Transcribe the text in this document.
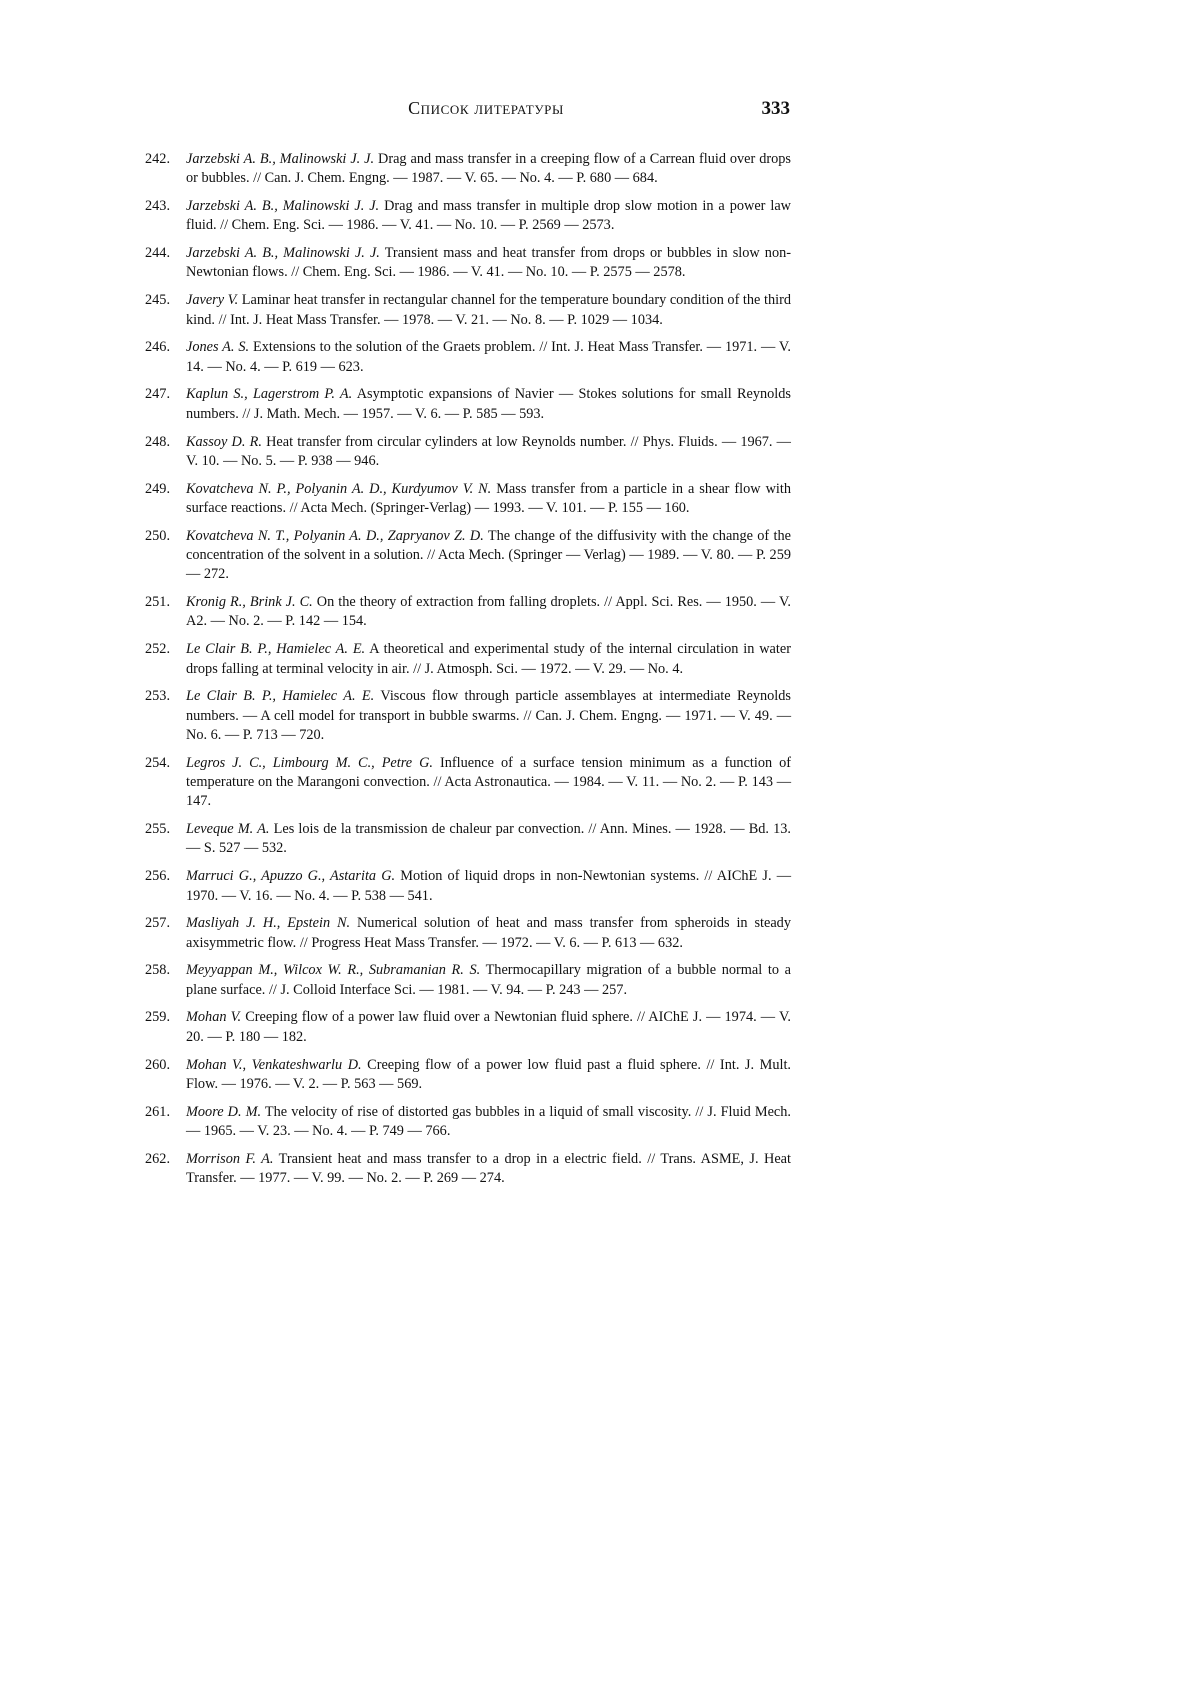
Список литературы	333
242. Jarzebski A. B., Malinowski J. J. Drag and mass transfer in a creeping flow of a Carrean fluid over drops or bubbles. // Can. J. Chem. Engng. — 1987. — V. 65. — No. 4. — P. 680 — 684.
243. Jarzebski A. B., Malinowski J. J. Drag and mass transfer in multiple drop slow motion in a power law fluid. // Chem. Eng. Sci. — 1986. — V. 41. — No. 10. — P. 2569 — 2573.
244. Jarzebski A. B., Malinowski J. J. Transient mass and heat transfer from drops or bubbles in slow non-Newtonian flows. // Chem. Eng. Sci. — 1986. — V. 41. — No. 10. — P. 2575 — 2578.
245. Javery V. Laminar heat transfer in rectangular channel for the temperature boundary condition of the third kind. // Int. J. Heat Mass Transfer. — 1978. — V. 21. — No. 8. — P. 1029 — 1034.
246. Jones A. S. Extensions to the solution of the Graets problem. // Int. J. Heat Mass Transfer. — 1971. — V. 14. — No. 4. — P. 619 — 623.
247. Kaplun S., Lagerstrom P. A. Asymptotic expansions of Navier — Stokes solutions for small Reynolds numbers. // J. Math. Mech. — 1957. — V. 6. — P. 585 — 593.
248. Kassoy D. R. Heat transfer from circular cylinders at low Reynolds number. // Phys. Fluids. — 1967. — V. 10. — No. 5. — P. 938 — 946.
249. Kovatcheva N. P., Polyanin A. D., Kurdyumov V. N. Mass transfer from a particle in a shear flow with surface reactions. // Acta Mech. (Springer-Verlag) — 1993. — V. 101. — P. 155 — 160.
250. Kovatcheva N. T., Polyanin A. D., Zapryanov Z. D. The change of the diffusivity with the change of the concentration of the solvent in a solution. // Acta Mech. (Springer — Verlag) — 1989. — V. 80. — P. 259 — 272.
251. Kronig R., Brink J. C. On the theory of extraction from falling droplets. // Appl. Sci. Res. — 1950. — V. A2. — No. 2. — P. 142 — 154.
252. Le Clair B. P., Hamielec A. E. A theoretical and experimental study of the internal circulation in water drops falling at terminal velocity in air. // J. Atmosph. Sci. — 1972. — V. 29. — No. 4.
253. Le Clair B. P., Hamielec A. E. Viscous flow through particle assemblayes at intermediate Reynolds numbers. — A cell model for transport in bubble swarms. // Can. J. Chem. Engng. — 1971. — V. 49. — No. 6. — P. 713 — 720.
254. Legros J. C., Limbourg M. C., Petre G. Influence of a surface tension minimum as a function of temperature on the Marangoni convection. // Acta Astronautica. — 1984. — V. 11. — No. 2. — P. 143 — 147.
255. Leveque M. A. Les lois de la transmission de chaleur par convection. // Ann. Mines. — 1928. — Bd. 13. — S. 527 — 532.
256. Marruci G., Apuzzo G., Astarita G. Motion of liquid drops in non-Newtonian systems. // AIChE J. — 1970. — V. 16. — No. 4. — P. 538 — 541.
257. Masliyah J. H., Epstein N. Numerical solution of heat and mass transfer from spheroids in steady axisymmetric flow. // Progress Heat Mass Transfer. — 1972. — V. 6. — P. 613 — 632.
258. Meyyappan M., Wilcox W. R., Subramanian R. S. Thermocapillary migration of a bubble normal to a plane surface. // J. Colloid Interface Sci. — 1981. — V. 94. — P. 243 — 257.
259. Mohan V. Creeping flow of a power law fluid over a Newtonian fluid sphere. // AIChE J. — 1974. — V. 20. — P. 180 — 182.
260. Mohan V., Venkateshwarlu D. Creeping flow of a power low fluid past a fluid sphere. // Int. J. Mult. Flow. — 1976. — V. 2. — P. 563 — 569.
261. Moore D. M. The velocity of rise of distorted gas bubbles in a liquid of small viscosity. // J. Fluid Mech. — 1965. — V. 23. — No. 4. — P. 749 — 766.
262. Morrison F. A. Transient heat and mass transfer to a drop in a electric field. // Trans. ASME, J. Heat Transfer. — 1977. — V. 99. — No. 2. — P. 269 — 274.
